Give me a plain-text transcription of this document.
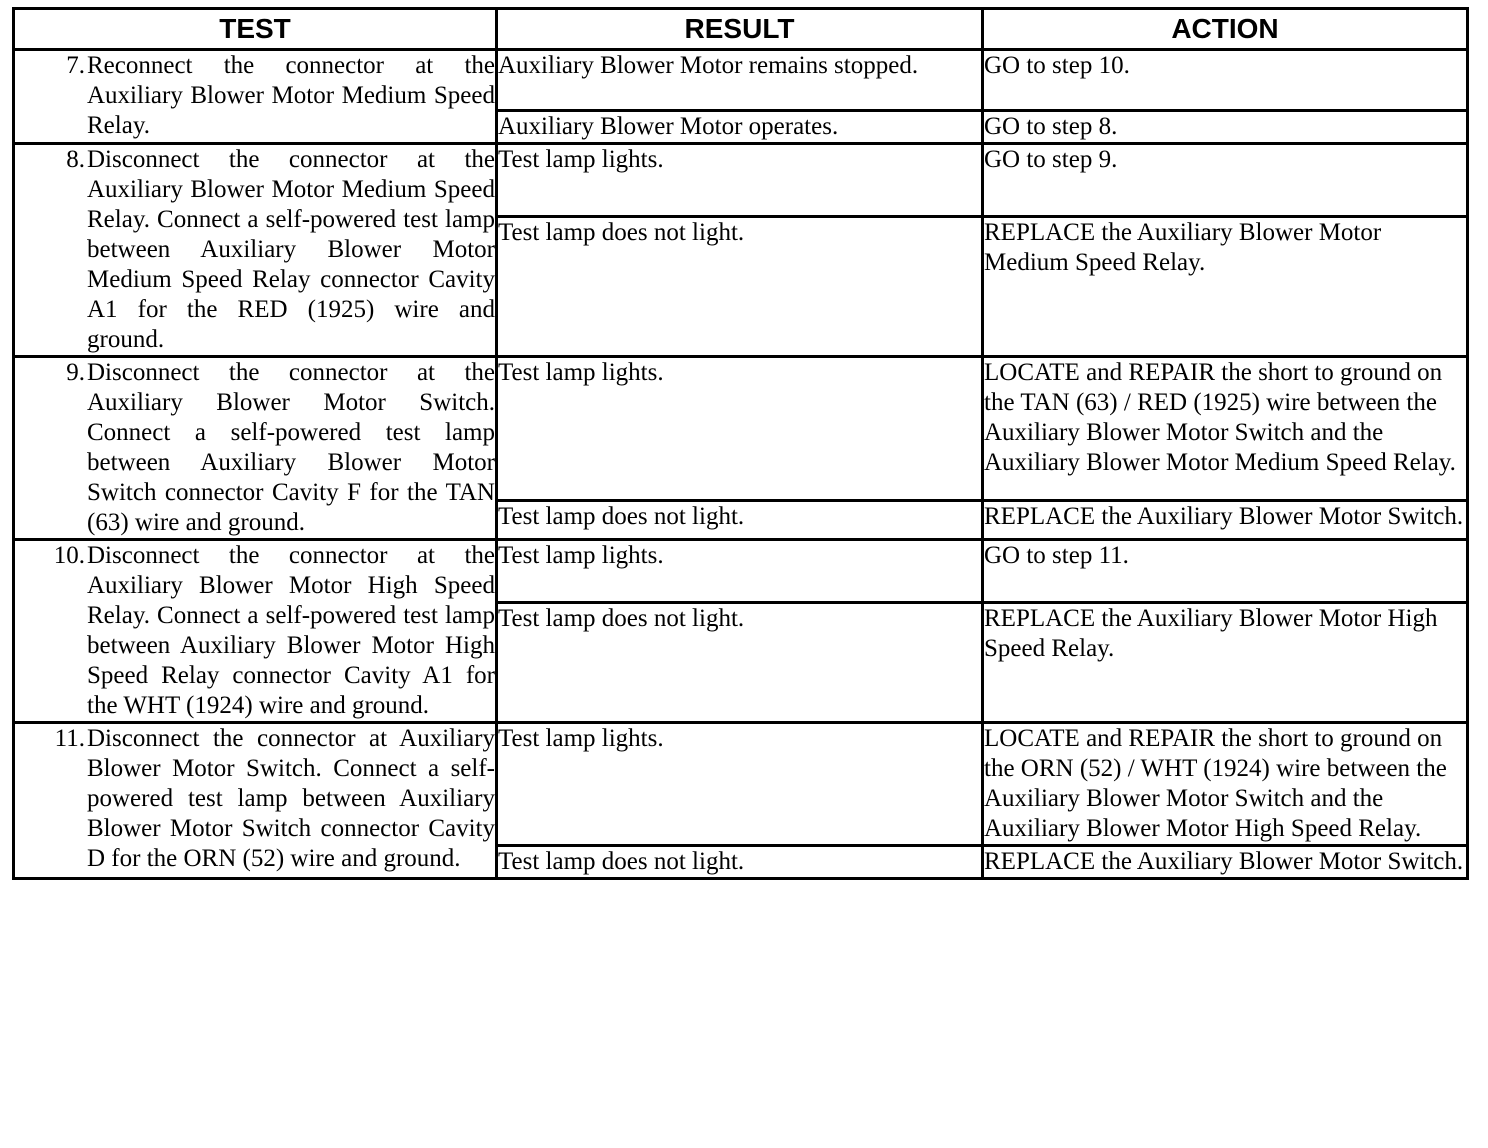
TEST	RESULT	ACTION

7. Reconnect the connector at the Auxiliary Blower Motor Medium Speed Relay.	Auxiliary Blower Motor remains stopped.	GO to step 10.
	Auxiliary Blower Motor operates.	GO to step 8.

8. Disconnect the connector at the Auxiliary Blower Motor Medium Speed Relay. Connect a self-powered test lamp between Auxiliary Blower Motor Medium Speed Relay connector Cavity A1 for the RED (1925) wire and ground.	Test lamp lights.	GO to step 9.
	Test lamp does not light.	REPLACE the Auxiliary Blower Motor Medium Speed Relay.

9. Disconnect the connector at the Auxiliary Blower Motor Switch. Connect a self-powered test lamp between Auxiliary Blower Motor Switch connector Cavity F for the TAN (63) wire and ground.	Test lamp lights.	LOCATE and REPAIR the short to ground on the TAN (63) / RED (1925) wire between the Auxiliary Blower Motor Switch and the Auxiliary Blower Motor Medium Speed Relay.
	Test lamp does not light.	REPLACE the Auxiliary Blower Motor Switch.

10. Disconnect the connector at the Auxiliary Blower Motor High Speed Relay. Connect a self-powered test lamp between Auxiliary Blower Motor High Speed Relay connector Cavity A1 for the WHT (1924) wire and ground.	Test lamp lights.	GO to step 11.
	Test lamp does not light.	REPLACE the Auxiliary Blower Motor High Speed Relay.

11. Disconnect the connector at Auxiliary Blower Motor Switch. Connect a self-powered test lamp between Auxiliary Blower Motor Switch connector Cavity D for the ORN (52) wire and ground.	Test lamp lights.	LOCATE and REPAIR the short to ground on the ORN (52) / WHT (1924) wire between the Auxiliary Blower Motor Switch and the Auxiliary Blower Motor High Speed Relay.
	Test lamp does not light.	REPLACE the Auxiliary Blower Motor Switch.
